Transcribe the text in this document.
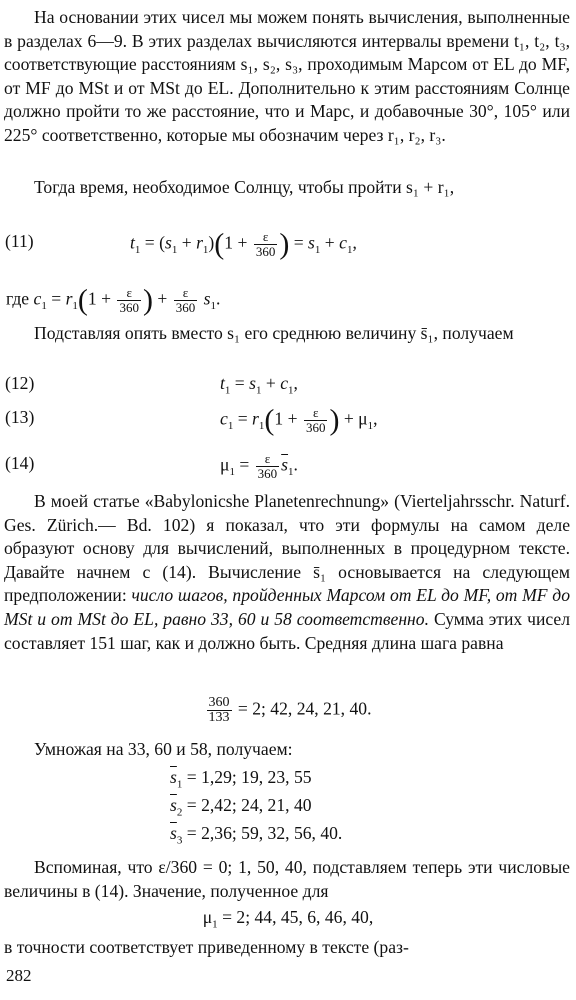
На основании этих чисел мы можем понять вычисления, выполненные в разделах 6—9. В этих разделах вычисляются интервалы времени t₁, t₂, t₃, соответствующие расстояниям s₁, s₂, s₃, проходимым Марсом от EL до MF, от MF до MSt и от MSt до EL. Дополнительно к этим расстояниям Солнце должно пройти то же расстояние, что и Марс, и добавочные 30°, 105° или 225° соответственно, которые мы обозначим через r₁, r₂, r₃.

Тогда время, необходимое Солнцу, чтобы пройти s₁ + r₁,

(11)	$t_1 = (s_1 + r_1)(1 + \frac{\varepsilon}{360}$ ) = $s_1 + c_1$,
где $c_1 = r_1(1 + \frac{\varepsilon}{360}$ ) + $\frac{\varepsilon}{360} s_1$.

Подставляя опять вместо s₁ его среднюю величину s̄₁, получаем

(12)	$t_1 = s_1 + c_1$,
(13)	$c_1 = r_1(1 + \frac{\varepsilon}{360}$ ) + $\mu_1$,
(14)	$\mu_1 = \frac{\varepsilon}{360} \overline{s}_1$.

В моей статье «Babylonicshe Planetenrechnung» (Vierteljahrsschr. Naturf. Ges. Zürich.— Bd. 102) я показал, что эти формулы на самом деле образуют основу для вычислений, выполненных в процедурном тексте. Давайте начнем с (14). Вычисление s̄₁ основывается на следующем предположении: число шагов, пройденных Марсом от EL до MF, от MF до MSt и от MSt до EL, равно 33, 60 и 58 соответственно. Сумма этих чисел составляет 151 шаг, как и должно быть. Средняя длина шага равна

$\frac{360}{133} = 2$; 42, 24, 21, 40.

Умножая на 33, 60 и 58, получаем:

$\overline{s}_1 = 1,29$; 19, 23, 55
$\overline{s}_2 = 2,42$; 24, 21, 40
$\overline{s}_3 = 2,36$; 59, 32, 56, 40.

Вспоминая, что ε/360 = 0; 1, 50, 40, подставляем теперь эти числовые величины в (14). Значение, полученное для

$\mu_1 = 2$; 44, 45, 6, 46, 40,

в точности соответствует приведенному в тексте (раз-

282
